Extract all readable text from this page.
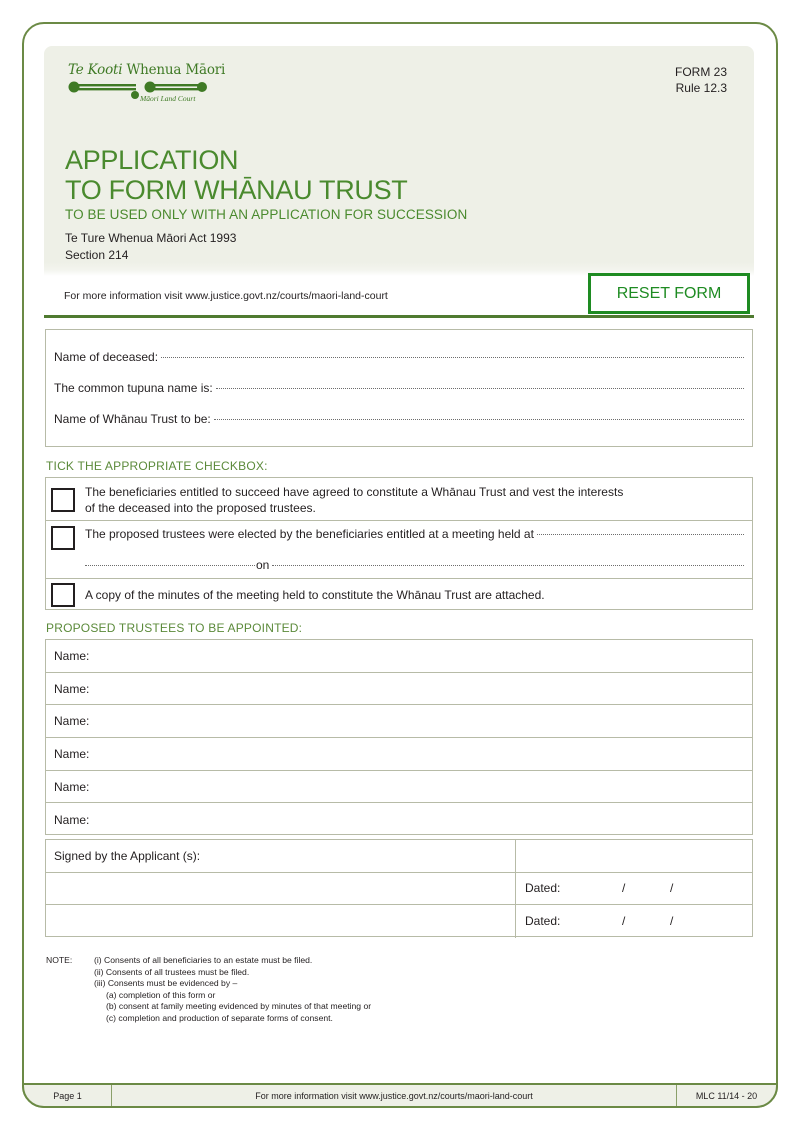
Te Kooti Whenua Māori
Māori Land Court
FORM 23
Rule 12.3
APPLICATION
TO FORM WHĀNAU TRUST
TO BE USED ONLY WITH AN APPLICATION FOR SUCCESSION
Te Ture Whenua Māori Act 1993
Section 214
For more information visit www.justice.govt.nz/courts/maori-land-court	RESET FORM
Name of deceased:
The common tupuna name is:
Name of Whānau Trust to be:
TICK THE APPROPRIATE CHECKBOX:
The beneficiaries entitled to succeed have agreed to constitute a Whānau Trust and vest the interests
of the deceased into the proposed trustees.
The proposed trustees were elected by the beneficiaries entitled at a meeting held at
on
A copy of the minutes of the meeting held to constitute the Whānau Trust are attached.
PROPOSED TRUSTEES TO BE APPOINTED:
Name:
Name:
Name:
Name:
Name:
Name:
Signed by the Applicant (s):
Dated:	/	/
Dated:	/	/
NOTE:	(i) Consents of all beneficiaries to an estate must be filed.
(ii) Consents of all trustees must be filed.
(iii) Consents must be evidenced by –
(a) completion of this form or
(b) consent at family meeting evidenced by minutes of that meeting or
(c) completion and production of separate forms of consent.
Page 1	For more information visit www.justice.govt.nz/courts/maori-land-court	MLC 11/14 - 20
